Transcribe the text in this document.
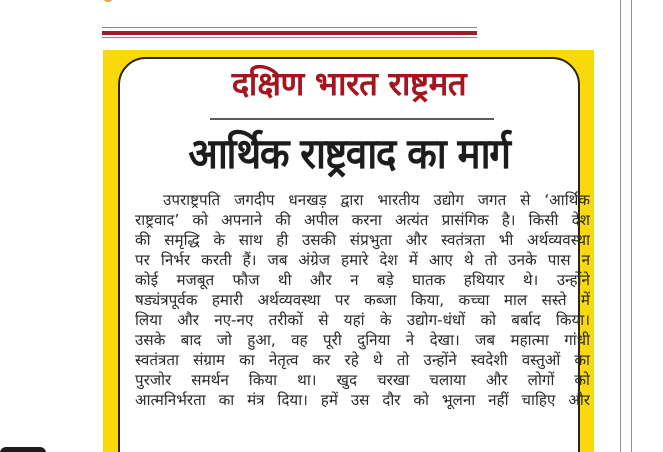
दक्षिण भारत राष्ट्रमत
आर्थिक राष्ट्रवाद का मार्ग
उपराष्ट्रपति जगदीप धनखड़ द्वारा भारतीय उद्योग जगत से ‘आर्थिक
राष्ट्रवाद’ को अपनाने की अपील करना अत्यंत प्रासंगिक है। किसी देश
की समृद्धि के साथ ही उसकी संप्रभुता और स्वतंत्रता भी अर्थव्यवस्था
पर निर्भर करती हैं। जब अंग्रेज हमारे देश में आए थे तो उनके पास न
कोई मजबूत फौज थी और न बड़े घातक हथियार थे। उन्होंने
षड्यंत्रपूर्वक हमारी अर्थव्यवस्था पर कब्जा किया, कच्चा माल सस्ते में
लिया और नए-नए तरीकों से यहां के उद्योग-धंधों को बर्बाद किया।
उसके बाद जो हुआ, वह पूरी दुनिया ने देखा। जब महात्मा गांधी
स्वतंत्रता संग्राम का नेतृत्व कर रहे थे तो उन्होंने स्वदेशी वस्तुओं का
पुरजोर समर्थन किया था। खुद चरखा चलाया और लोगों को
आत्मनिर्भरता का मंत्र दिया। हमें उस दौर को भूलना नहीं चाहिए और
